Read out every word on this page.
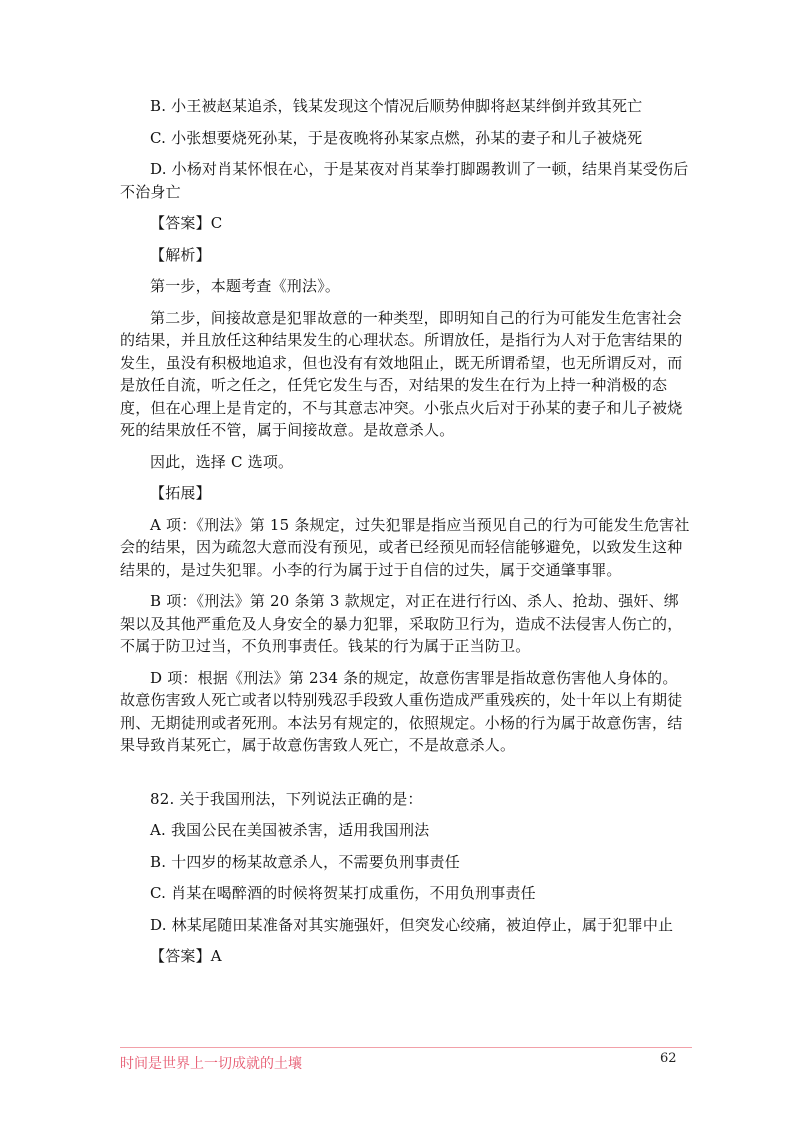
B. 小王被赵某追杀，钱某发现这个情况后顺势伸脚将赵某绊倒并致其死亡

C. 小张想要烧死孙某，于是夜晚将孙某家点燃，孙某的妻子和儿子被烧死

D. 小杨对肖某怀恨在心，于是某夜对肖某拳打脚踢教训了一顿，结果肖某受伤后不治身亡

【答案】C

【解析】

第一步，本题考查《刑法》。

第二步，间接故意是犯罪故意的一种类型，即明知自己的行为可能发生危害社会的结果，并且放任这种结果发生的心理状态。所谓放任，是指行为人对于危害结果的发生，虽没有积极地追求，但也没有有效地阻止，既无所谓希望，也无所谓反对，而是放任自流，听之任之，任凭它发生与否，对结果的发生在行为上持一种消极的态度，但在心理上是肯定的，不与其意志冲突。小张点火后对于孙某的妻子和儿子被烧死的结果放任不管，属于间接故意。是故意杀人。

因此，选择 C 选项。

【拓展】

A 项：《刑法》第 15 条规定，过失犯罪是指应当预见自己的行为可能发生危害社会的结果，因为疏忽大意而没有预见，或者已经预见而轻信能够避免，以致发生这种结果的，是过失犯罪。小李的行为属于过于自信的过失，属于交通肇事罪。

B 项：《刑法》第 20 条第 3 款规定，对正在进行行凶、杀人、抢劫、强奸、绑架以及其他严重危及人身安全的暴力犯罪，采取防卫行为，造成不法侵害人伤亡的，不属于防卫过当，不负刑事责任。钱某的行为属于正当防卫。

D 项：根据《刑法》第 234 条的规定，故意伤害罪是指故意伤害他人身体的。故意伤害致人死亡或者以特别残忍手段致人重伤造成严重残疾的，处十年以上有期徒刑、无期徒刑或者死刑。本法另有规定的，依照规定。小杨的行为属于故意伤害，结果导致肖某死亡，属于故意伤害致人死亡，不是故意杀人。

82. 关于我国刑法，下列说法正确的是：

A. 我国公民在美国被杀害，适用我国刑法

B. 十四岁的杨某故意杀人，不需要负刑事责任

C. 肖某在喝醉酒的时候将贺某打成重伤，不用负刑事责任

D. 林某尾随田某准备对其实施强奸，但突发心绞痛，被迫停止，属于犯罪中止

【答案】A

时间是世界上一切成就的土壤	62
